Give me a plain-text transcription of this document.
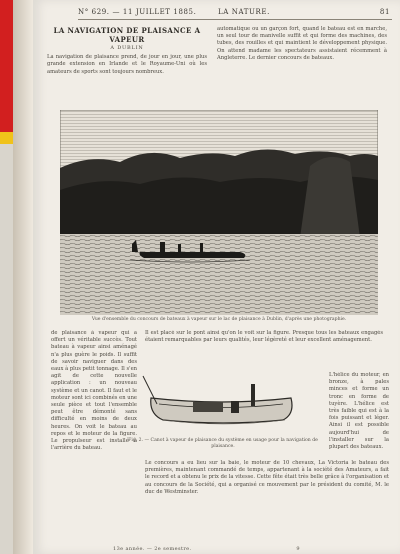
N° 629. — 11 JUILLET 1885.	LA NATURE.	81
LA NAVIGATION DE PLAISANCE A VAPEUR
A DUBLIN
La navigation de plaisance prend, de jour en jour, une plus grande extension en Irlande et le Royaume-Uni où les amateurs de sports sont toujours nombreux.
automatique ou un garçon fort, quand le bateau est en marche, un seul tour de manivelle suffit et qui forme des machines, des tubes, des rouilles et qui maintient le développement physique. On attend madame les spectateurs assistaient récemment à Angleterre. Le dernier concours de bateaux.
Vue d'ensemble du concours de bateaux à vapeur sur le lac de plaisance à Dublin, d'après une photographie.
de plaisance à vapeur qui a offert un véritable succès. Tout bateau à vapeur ainsi aménagé n'a plus guère le poids. Il suffit de savoir naviguer dans des eaux à plus petit tonnage. Il s'en agit de cette nouvelle application : un nouveau système et un canot. Il faut et le moteur sont ici combinés en une seule pièce et tout l'ensemble peut être démonté sans difficulté en moins de deux heures. On voit le bateau au repos et le moteur de la figure. Le propulseur est installé à l'arrière du bateau.
Il est placé sur le pont ainsi qu'on le voit sur la figure. Presque tous les bateaux engagés étaient remarquables par leurs qualités, leur légèreté et leur excellent aménagement.
Fig. 2. — Canot à vapeur de plaisance du système en usage pour la navigation de plaisance.
L'hélice du moteur, en bronze, à pales minces et forme un tronc en forme de tuyère. L'hélice est très faible qui est à la fois puissant et léger. Ainsi il est possible aujourd'hui de l'installer sur la plupart des bateaux.
Le concours a eu lieu sur la baie, le moteur de 10 chevaux, La Victoria le bateau des premières, maintenant commandé de temps, appartenant à la société des Amateurs, a fait le record et a obtenu le prix de la vitesse. Cette fête était très belle grâce à l'organisation et au concours de la Société, qui a organisé ce mouvement par le président du comité, M. le duc de Westminster.
13e année. — 2e semestre.	9
